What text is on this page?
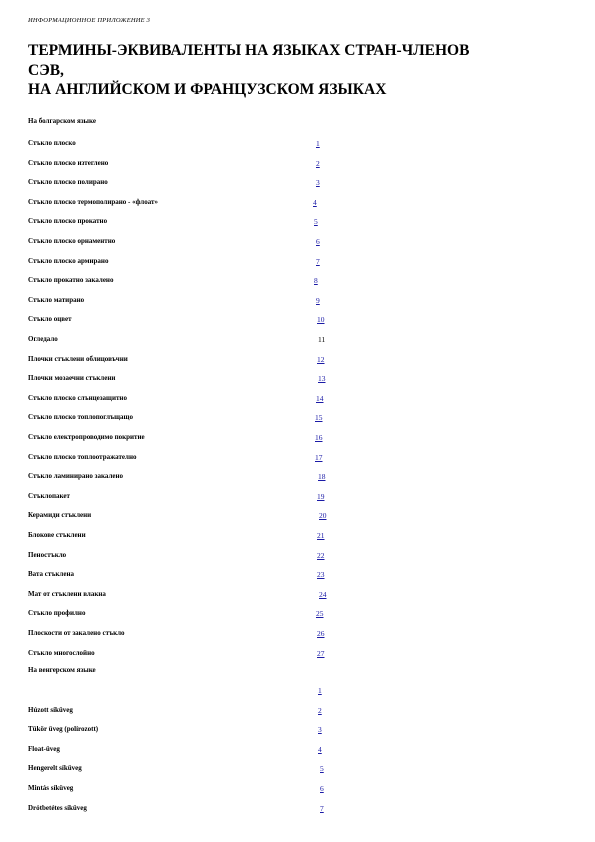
ИНФОРМАЦИОННОЕ ПРИЛОЖЕНИЕ 3
ТЕРМИНЫ-ЭКВИВАЛЕНТЫ НА ЯЗЫКАХ СТРАН-ЧЛЕНОВ
СЭВ,
НА АНГЛИЙСКОМ И ФРАНЦУЗСКОМ ЯЗЫКАХ
На болгарском языке
Стъкло плоско	1
Стъкло плоско изтеглено	2
Стъкло плоско полирано	3
Стъкло плоско термополирано - «флоат»	4
Стъкло плоско прокатно	5
Стъкло плоско орнаментно	6
Стъкло плоско армирано	7
Стъкло прокатно закалено	8
Стъкло матирано	9
Стъкло оцвет	10
Огледало	11
Плочки стъклени облицовъчни	12
Плочки мозаечни стъклени	13
Стъкло плоско слънцезащитно	14
Стъкло плоско топлопоглъщащо	15
Стъкло електропроводимо покритие	16
Стъкло плоско топлоотражателно	17
Стъкло ламинирано закалено	18
Стъклопакет	19
Керамиди стъклени	20
Блокове стъклени	21
Пеностъкло	22
Вата стъклена	23
Мат от стъклени влакна	24
Стъкло профилно	25
Плоскости от закалено стъкло	26
Стъкло многослойно	27
На венгерском языке
1
Húzott síküveg	2
Tükör üveg (polírozott)	3
Float-üveg	4
Hengerelt síküveg	5
Mintás síküveg	6
Drótbetétes síküveg	7
